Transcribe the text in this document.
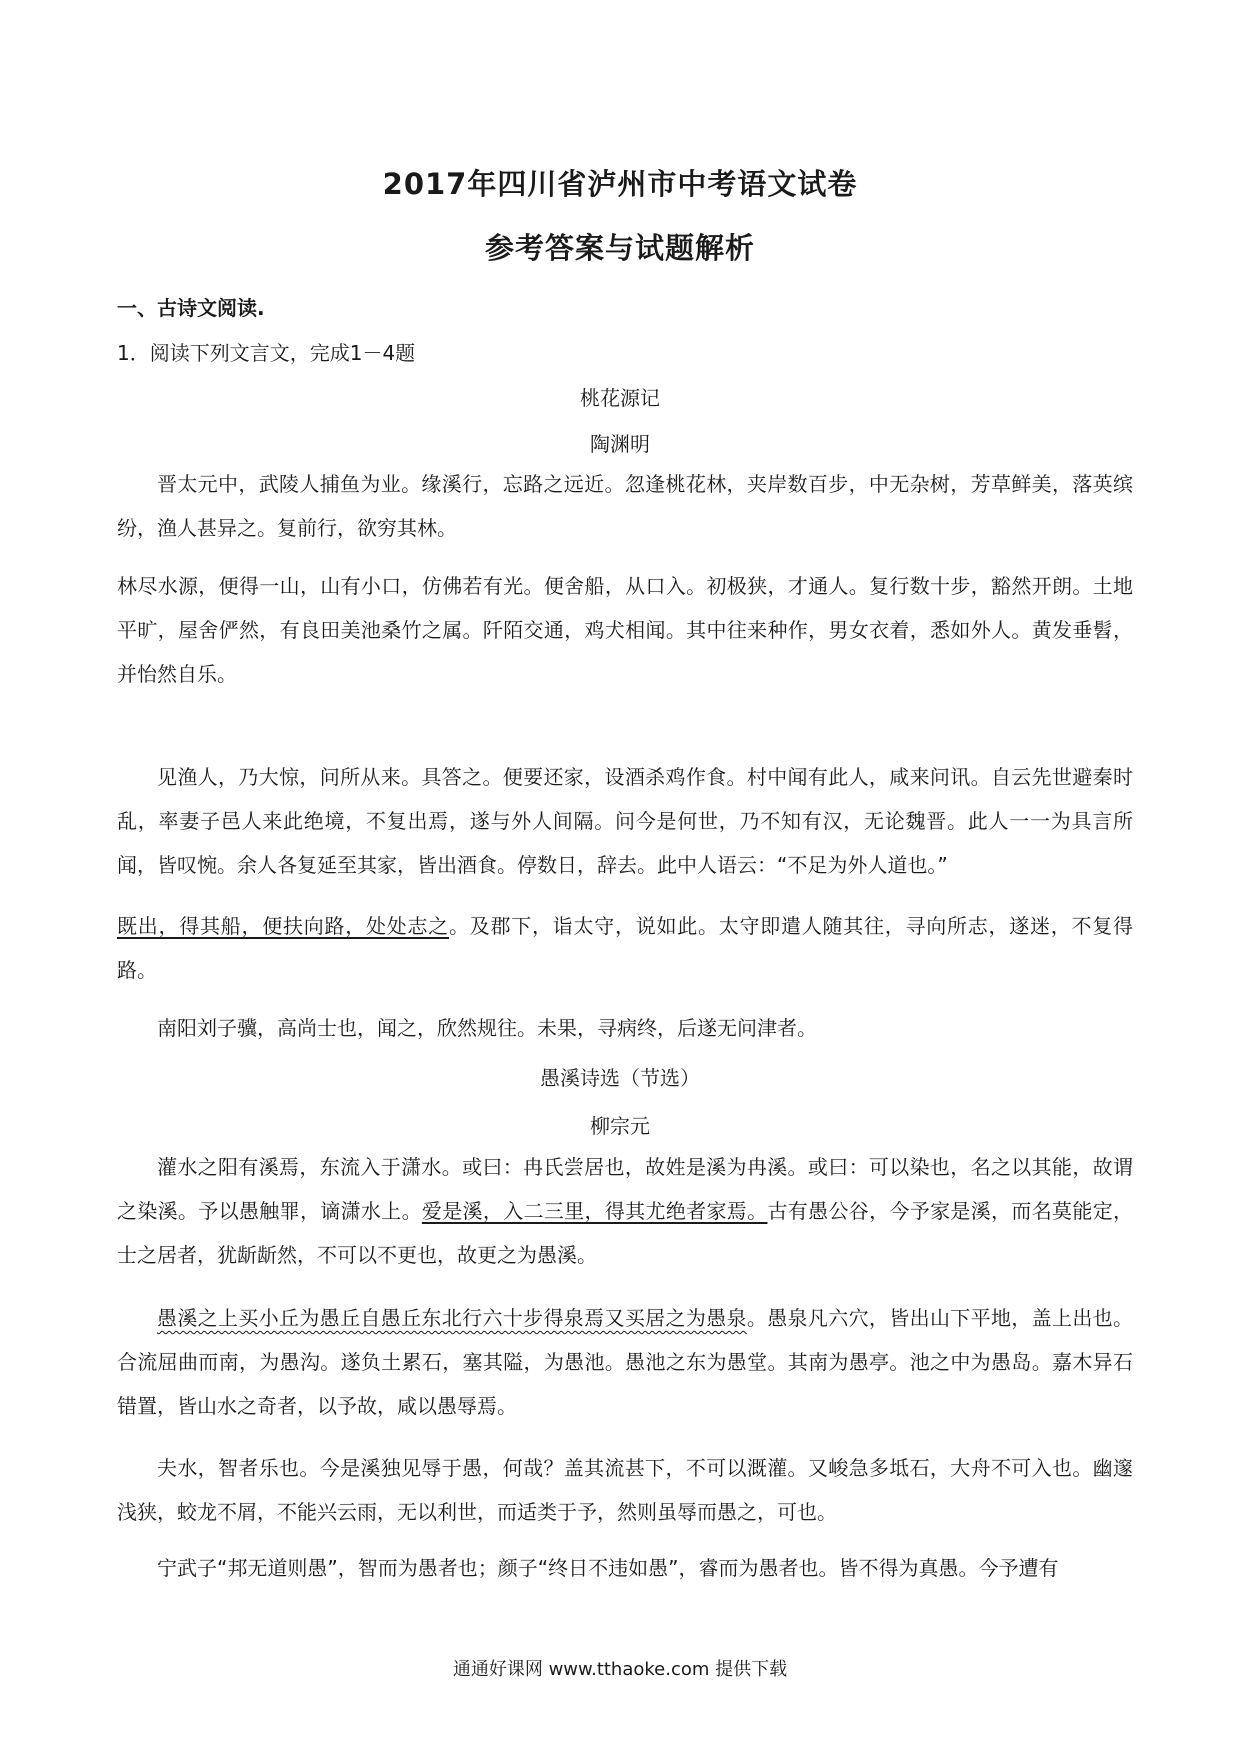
2017年四川省泸州市中考语文试卷
参考答案与试题解析
一、古诗文阅读.
1．阅读下列文言文，完成1－4题
桃花源记
陶渊明
晋太元中，武陵人捕鱼为业。缘溪行，忘路之远近。忽逢桃花林，夹岸数百步，中无杂树，芳草鲜美，落英缤纷，渔人甚异之。复前行，欲穷其林。
林尽水源，便得一山，山有小口，仿佛若有光。便舍船，从口入。初极狭，才通人。复行数十步，豁然开朗。土地平旷，屋舍俨然，有良田美池桑竹之属。阡陌交通，鸡犬相闻。其中往来种作，男女衣着，悉如外人。黄发垂髫，并怡然自乐。
见渔人，乃大惊，问所从来。具答之。便要还家，设酒杀鸡作食。村中闻有此人，咸来问讯。自云先世避秦时乱，率妻子邑人来此绝境，不复出焉，遂与外人间隔。问今是何世，乃不知有汉，无论魏晋。此人一一为具言所闻，皆叹惋。余人各复延至其家，皆出酒食。停数日，辞去。此中人语云：“不足为外人道也。”
既出，得其船，便扶向路，处处志之。及郡下，诣太守，说如此。太守即遣人随其往，寻向所志，遂迷，不复得路。
南阳刘子骥，高尚士也，闻之，欣然规往。未果，寻病终，后遂无问津者。
愚溪诗选（节选）
柳宗元
灌水之阳有溪焉，东流入于潇水。或曰：冉氏尝居也，故姓是溪为冉溪。或曰：可以染也，名之以其能，故谓之染溪。予以愚触罪，谪潇水上。爱是溪，入二三里，得其尤绝者家焉。古有愚公谷，今予家是溪，而名莫能定，士之居者，犹龂龂然，不可以不更也，故更之为愚溪。
愚溪之上买小丘为愚丘自愚丘东北行六十步得泉焉又买居之为愚泉。愚泉凡六穴，皆出山下平地，盖上出也。合流屈曲而南，为愚沟。遂负土累石，塞其隘，为愚池。愚池之东为愚堂。其南为愚亭。池之中为愚岛。嘉木异石错置，皆山水之奇者，以予故，咸以愚辱焉。
夫水，智者乐也。今是溪独见辱于愚，何哉？盖其流甚下，不可以溉灌。又峻急多坻石，大舟不可入也。幽邃浅狭，蛟龙不屑，不能兴云雨，无以利世，而适类于予，然则虽辱而愚之，可也。
宁武子“邦无道则愚”，智而为愚者也；颜子“终日不违如愚”，睿而为愚者也。皆不得为真愚。今予遭有
通通好课网 www.tthaoke.com 提供下载
